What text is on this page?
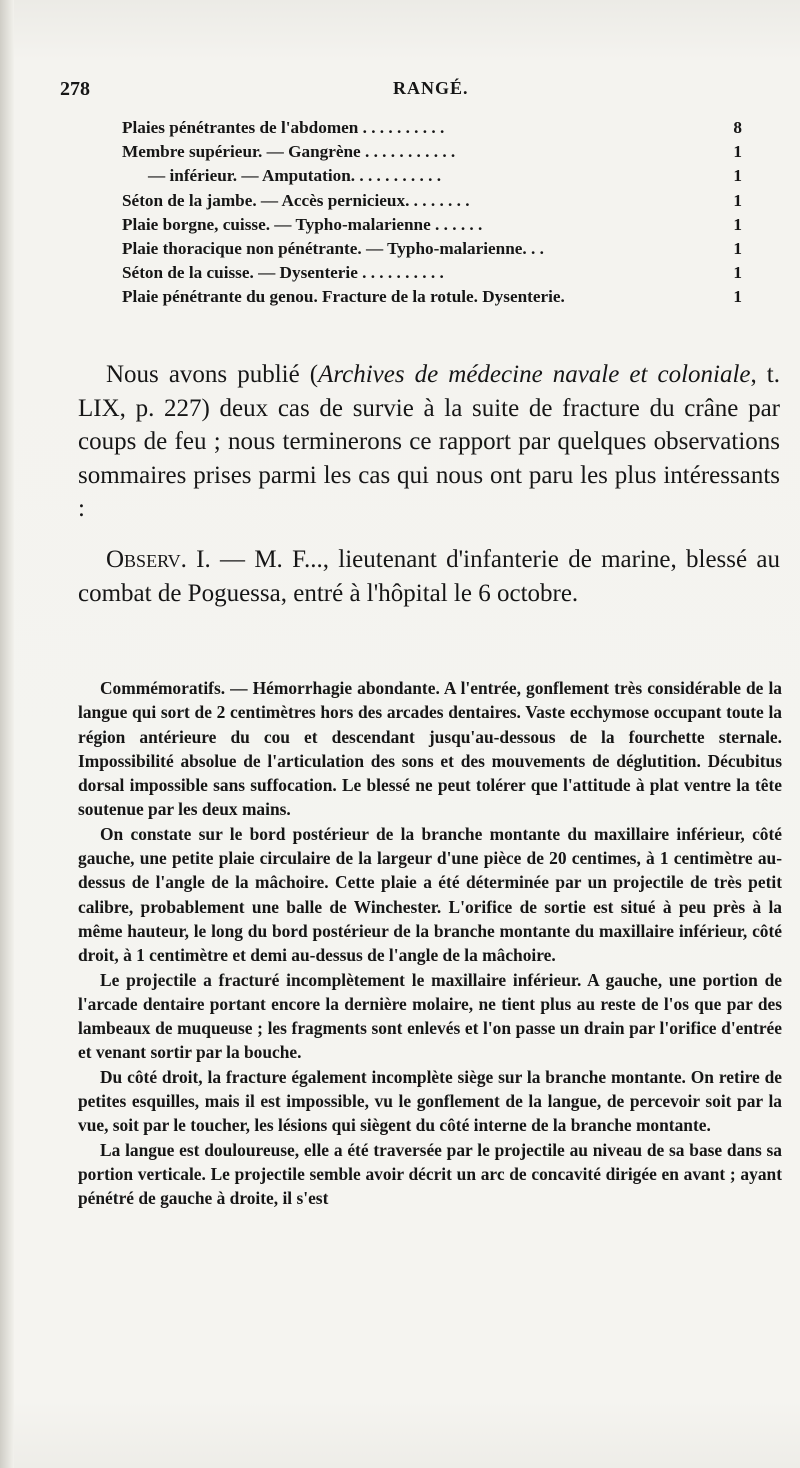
278	RANGÉ.
Plaies pénétrantes de l'abdomen . . . . . . . . . .	8
Membre supérieur. — Gangrène . . . . . . . . . . .	1
— inférieur. — Amputation. . . . . . . . . . .	1
Séton de la jambe. — Accès pernicieux. . . . . . . .	1
Plaie borgne, cuisse. — Typho-malarienne . . . . . .	1
Plaie thoracique non pénétrante. — Typho-malarienne. . .	1
Séton de la cuisse. — Dysenterie . . . . . . . . . .	1
Plaie pénétrante du genou. Fracture de la rotule. Dysenterie.	1

Nous avons publié (Archives de médecine navale et coloniale, t. LIX, p. 227) deux cas de survie à la suite de fracture du crâne par coups de feu ; nous terminerons ce rapport par quelques observations sommaires prises parmi les cas qui nous ont paru les plus intéressants :

Observ. I. — M. F..., lieutenant d'infanterie de marine, blessé au combat de Poguessa, entré à l'hôpital le 6 octobre.

Commémoratifs. — Hémorrhagie abondante. A l'entrée, gonflement très considérable de la langue qui sort de 2 centimètres hors des arcades dentaires. Vaste ecchymose occupant toute la région antérieure du cou et descendant jusqu'au-dessous de la fourchette sternale. Impossibilité absolue de l'articulation des sons et des mouvements de déglutition. Décubitus dorsal impossible sans suffocation. Le blessé ne peut tolérer que l'attitude à plat ventre la tête soutenue par les deux mains.

On constate sur le bord postérieur de la branche montante du maxillaire inférieur, côté gauche, une petite plaie circulaire de la largeur d'une pièce de 20 centimes, à 1 centimètre au-dessus de l'angle de la mâchoire. Cette plaie a été déterminée par un projectile de très petit calibre, probablement une balle de Winchester. L'orifice de sortie est situé à peu près à la même hauteur, le long du bord postérieur de la branche montante du maxillaire inférieur, côté droit, à 1 centimètre et demi au-dessus de l'angle de la mâchoire.

Le projectile a fracturé incomplètement le maxillaire inférieur. A gauche, une portion de l'arcade dentaire portant encore la dernière molaire, ne tient plus au reste de l'os que par des lambeaux de muqueuse ; les fragments sont enlevés et l'on passe un drain par l'orifice d'entrée et venant sortir par la bouche.

Du côté droit, la fracture également incomplète siège sur la branche montante. On retire de petites esquilles, mais il est impossible, vu le gonflement de la langue, de percevoir soit par la vue, soit par le toucher, les lésions qui siègent du côté interne de la branche montante.

La langue est douloureuse, elle a été traversée par le projectile au niveau de sa base dans sa portion verticale. Le projectile semble avoir décrit un arc de concavité dirigée en avant ; ayant pénétré de gauche à droite, il s'est
